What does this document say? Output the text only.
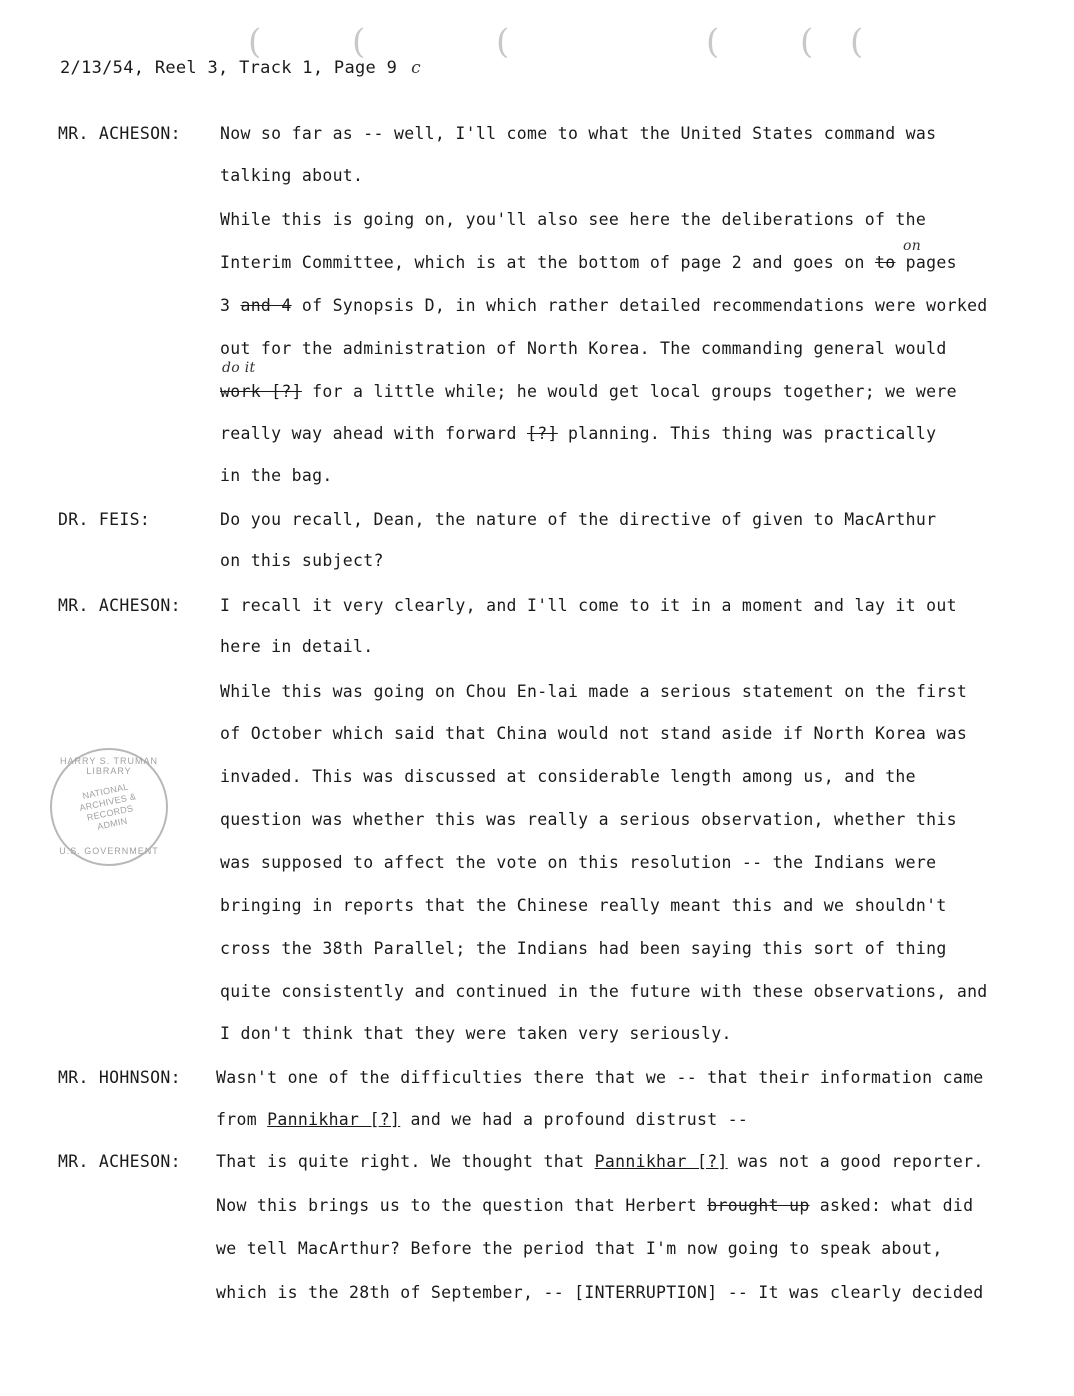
(	(	(	( ( (
2/13/54, Reel 3, Track 1, Page 9 c
MR. ACHESON: Now so far as -- well, I'll come to what the United States command was
talking about.
While this is going on, you'll also see here the deliberations of the
on
Interim Committee, which is at the bottom of page 2 and goes on to pages
3 and 4 of Synopsis D, in which rather detailed recommendations were worked
out for the administration of North Korea. The commanding general would
do it
work [?] for a little while; he would get local groups together; we were
really way ahead with forward [?] planning. This thing was practically
in the bag.
DR. FEIS:	Do you recall, Dean, the nature of the directive of given to MacArthur
on this subject?
MR. ACHESON: I recall it very clearly, and I'll come to it in a moment and lay it out
here in detail.
While this was going on Chou En-lai made a serious statement on the first
of October which said that China would not stand aside if North Korea was
invaded. This was discussed at considerable length among us, and the
question was whether this was really a serious observation, whether this
was supposed to affect the vote on this resolution -- the Indians were
bringing in reports that the Chinese really meant this and we shouldn't
cross the 38th Parallel; the Indians had been saying this sort of thing
quite consistently and continued in the future with these observations, and
I don't think that they were taken very seriously.
HARRY S. TRUMAN LIBRARY
NATIONAL ARCHIVES & RECORDS ADMIN
U.S. GOVERNMENT
MR. HOHNSON: Wasn't one of the difficulties there that we -- that their information came
from Pannikhar [?] and we had a profound distrust --
MR. ACHESON: That is quite right. We thought that Pannikhar [?] was not a good reporter.
Now this brings us to the question that Herbert brought up asked: what did
we tell MacArthur? Before the period that I'm now going to speak about,
which is the 28th of September, -- [INTERRUPTION] -- It was clearly decided
